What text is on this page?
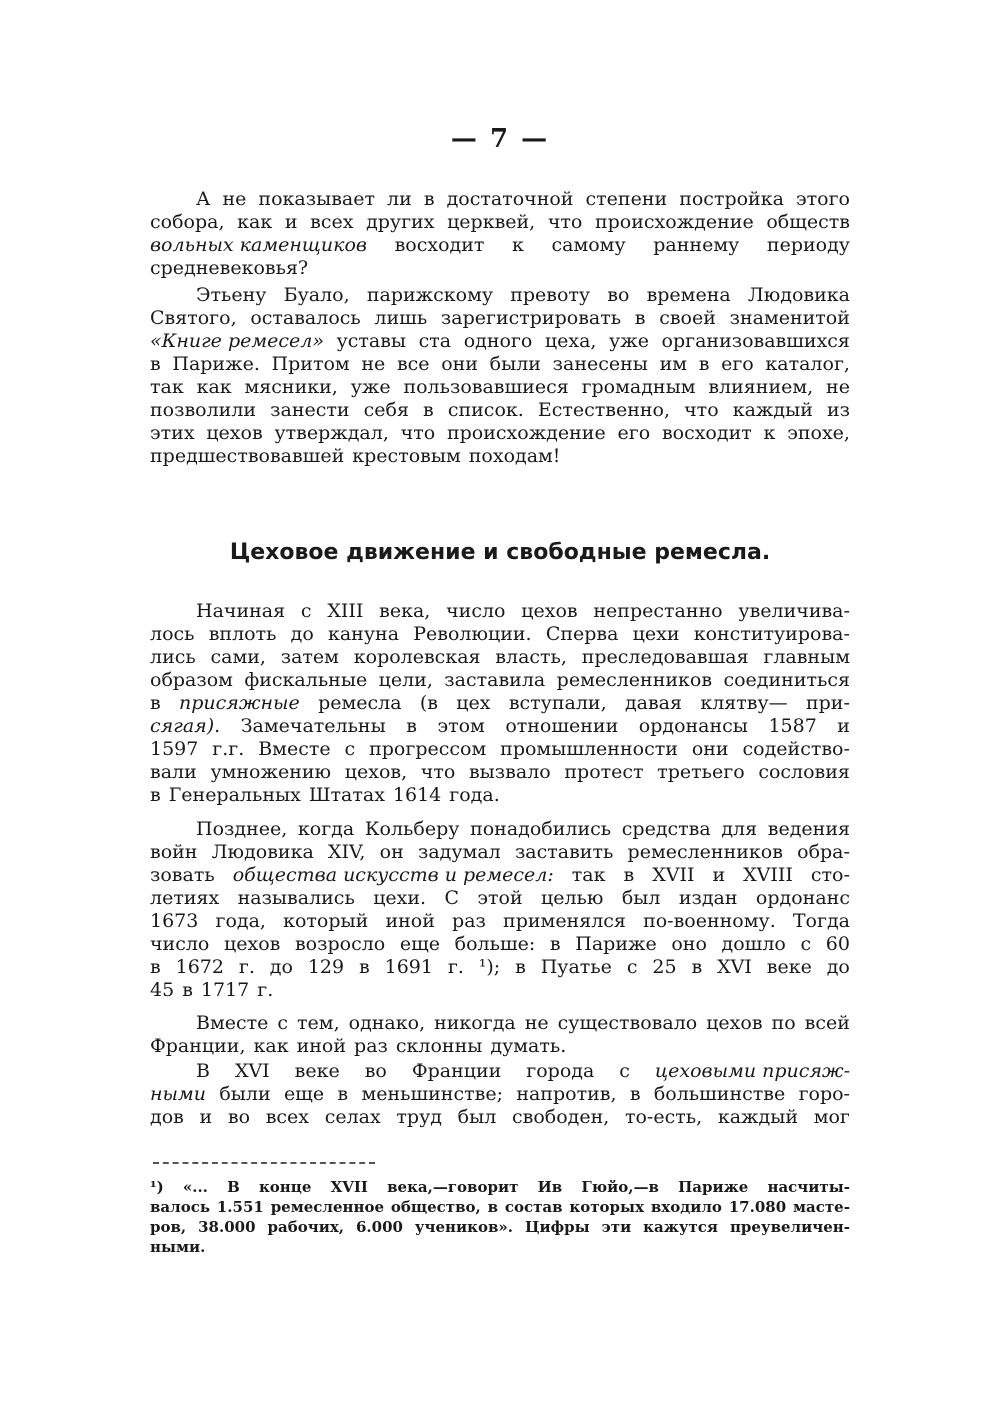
— 7 —
А не показывает ли в достаточной степени постройка этого
собора, как и всех других церквей, что происхождение обществ
вольных каменщиков восходит к самому раннему периоду
средневековья?
Этьену Буало, парижскому превоту во времена Людовика
Святого, оставалось лишь зарегистрировать в своей знаменитой
«Книге ремесел» уставы ста одного цеха, уже организовавшихся
в Париже. Притом не все они были занесены им в его каталог,
так как мясники, уже пользовавшиеся громадным влиянием, не
позволили занести себя в список. Естественно, что каждый из
этих цехов утверждал, что происхождение его восходит к эпохе,
предшествовавшей крестовым походам!
Цеховое движение и свободные ремесла.
Начиная с XIII века, число цехов непрестанно увеличива-
лось вплоть до кануна Революции. Сперва цехи конституирова-
лись сами, затем королевская власть, преследовавшая главным
образом фискальные цели, заставила ремесленников соединиться
в присяжные ремесла (в цех вступали, давая клятву— при-
сягая). Замечательны в этом отношении ордонансы 1587 и
1597 г.г. Вместе с прогрессом промышленности они содейство-
вали умножению цехов, что вызвало протест третьего сословия
в Генеральных Штатах 1614 года.
Позднее, когда Кольберу понадобились средства для ведения
войн Людовика XIV, он задумал заставить ремесленников обра-
зовать общества искусств и ремесел: так в XVII и XVIII сто-
летиях назывались цехи. С этой целью был издан ордонанс
1673 года, который иной раз применялся по-военному. Тогда
число цехов возросло еще больше: в Париже оно дошло с 60
в 1672 г. до 129 в 1691 г. ¹); в Пуатье с 25 в XVI веке до
45 в 1717 г.
Вместе с тем, однако, никогда не существовало цехов по всей
Франции, как иной раз склонны думать.
В XVI веке во Франции города с цеховыми присяж-
ными были еще в меньшинстве; напротив, в большинстве горо-
дов и во всех селах труд был свободен, то-есть, каждый мог
¹) «... В конце XVII века,—говорит Ив Гюйо,—в Париже насчиты-
валось 1.551 ремесленное общество, в состав которых входило 17.080 масте-
ров, 38.000 рабочих, 6.000 учеников». Цифры эти кажутся преувеличен-
ными.
